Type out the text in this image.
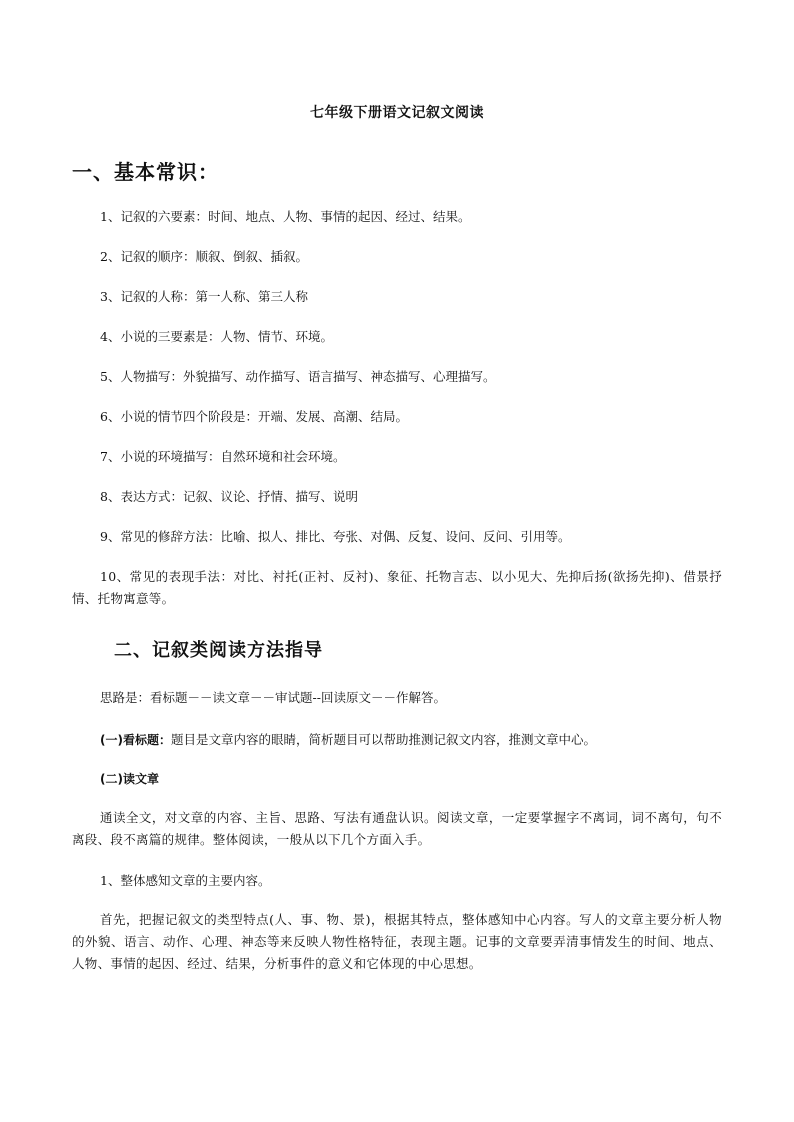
七年级下册语文记叙文阅读
一、基本常识：
1、记叙的六要素：时间、地点、人物、事情的起因、经过、结果。
2、记叙的顺序：顺叙、倒叙、插叙。
3、记叙的人称：第一人称、第三人称
4、小说的三要素是：人物、情节、环境。
5、人物描写：外貌描写、动作描写、语言描写、神态描写、心理描写。
6、小说的情节四个阶段是：开端、发展、高潮、结局。
7、小说的环境描写：自然环境和社会环境。
8、表达方式：记叙、议论、抒情、描写、说明
9、常见的修辞方法：比喻、拟人、排比、夸张、对偶、反复、设问、反问、引用等。
10、常见的表现手法：对比、衬托(正衬、反衬)、象征、托物言志、以小见大、先抑后扬(欲扬先抑)、借景抒情、托物寓意等。
二、记叙类阅读方法指导
思路是：看标题－－读文章－－审试题--回读原文－－作解答。
(一)看标题：题目是文章内容的眼睛，简析题目可以帮助推测记叙文内容，推测文章中心。
(二)读文章
通读全文，对文章的内容、主旨、思路、写法有通盘认识。阅读文章，一定要掌握字不离词，词不离句，句不离段、段不离篇的规律。整体阅读，一般从以下几个方面入手。
1、整体感知文章的主要内容。
首先，把握记叙文的类型特点(人、事、物、景)，根据其特点，整体感知中心内容。写人的文章主要分析人物的外貌、语言、动作、心理、神态等来反映人物性格特征，表现主题。记事的文章要弄清事情发生的时间、地点、人物、事情的起因、经过、结果，分析事件的意义和它体现的中心思想。
